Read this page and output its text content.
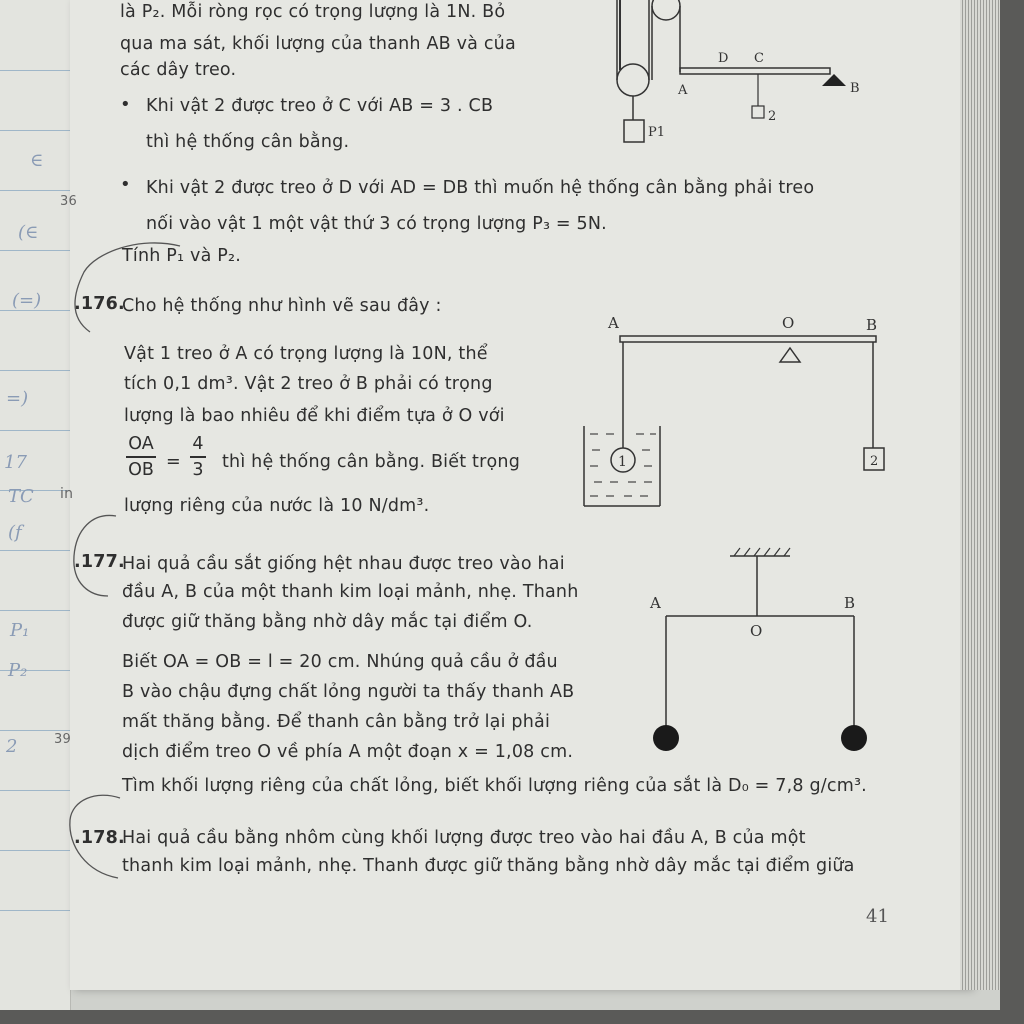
∈
(∈
(=)
=)
17
TC
(f
P₁
P₂
2
là P₂. Mỗi ròng rọc có trọng lượng là 1N. Bỏ
qua ma sát, khối lượng của thanh AB và của
các dây treo.
• Khi vật 2 được treo ở C với AB = 3 . CB
thì hệ thống cân bằng.
• Khi vật 2 được treo ở D với AD = DB thì muốn hệ thống cân bằng phải treo
nối vào vật 1 một vật thứ 3 có trọng lượng P₃ = 5N.
Tính P₁ và P₂.
36
P1
A
D C
B
2
.176.
Cho hệ thống như hình vẽ sau đây :
Vật 1 treo ở A có trọng lượng là 10N, thể
tích 0,1 dm³. Vật 2 treo ở B phải có trọng
lượng là bao nhiêu để khi điểm tựa ở O với
OA
OB =
4
3 thì hệ thống cân bằng. Biết trọng
lượng riêng của nước là 10 N/dm³.
in
A	O	B
2
1
.177.
Hai quả cầu sắt giống hệt nhau được treo vào hai
đầu A, B của một thanh kim loại mảnh, nhẹ. Thanh
được giữ thăng bằng nhờ dây mắc tại điểm O.
Biết OA = OB = l = 20 cm. Nhúng quả cầu ở đầu
B vào chậu đựng chất lỏng người ta thấy thanh AB
mất thăng bằng. Để thanh cân bằng trở lại phải
dịch điểm treo O về phía A một đoạn x = 1,08 cm.
Tìm khối lượng riêng của chất lỏng, biết khối lượng riêng của sắt là D₀ = 7,8 g/cm³.
39
A	B
O
.178.
Hai quả cầu bằng nhôm cùng khối lượng được treo vào hai đầu A, B của một
thanh kim loại mảnh, nhẹ. Thanh được giữ thăng bằng nhờ dây mắc tại điểm giữa
41
